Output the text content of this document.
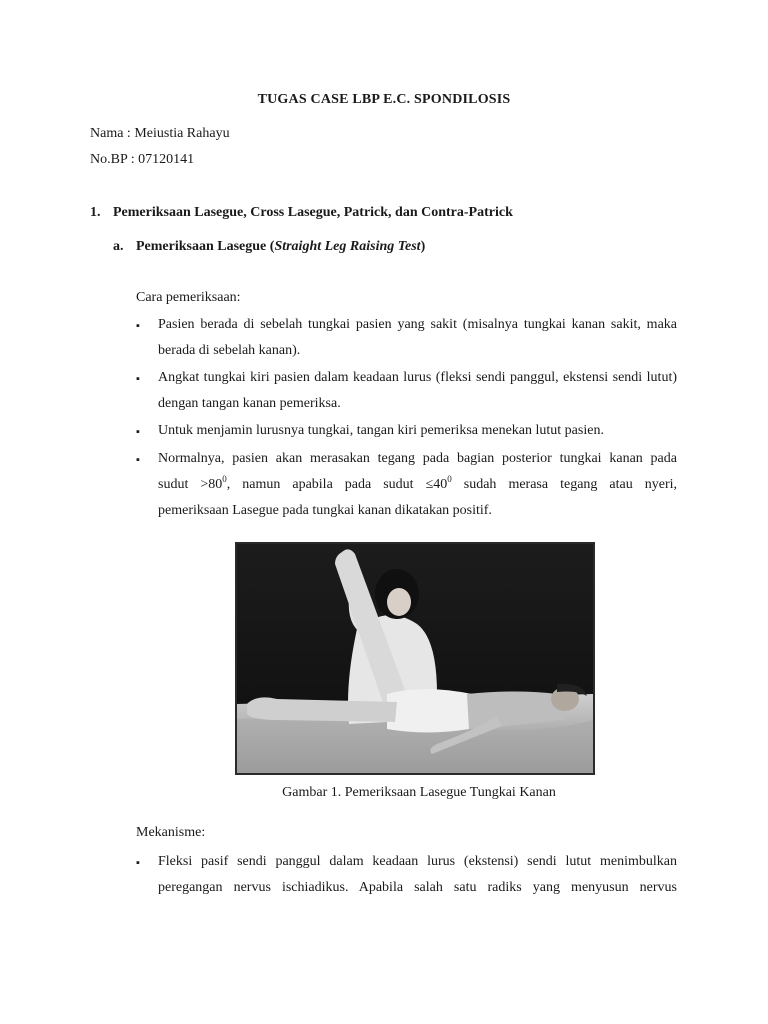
TUGAS CASE LBP E.C. SPONDILOSIS
Nama : Meiustia Rahayu
No.BP : 07120141
1. Pemeriksaan Lasegue, Cross Lasegue, Patrick, dan Contra-Patrick
a. Pemeriksaan Lasegue (Straight Leg Raising Test)
Cara pemeriksaan:
▪ Pasien berada di sebelah tungkai pasien yang sakit (misalnya tungkai kanan sakit, maka berada di sebelah kanan).
▪ Angkat tungkai kiri pasien dalam keadaan lurus (fleksi sendi panggul, ekstensi sendi lutut) dengan tangan kanan pemeriksa.
▪ Untuk menjamin lurusnya tungkai, tangan kiri pemeriksa menekan lutut pasien.
▪ Normalnya, pasien akan merasakan tegang pada bagian posterior tungkai kanan pada
sudut $>80^0$, namun apabila pada sudut $\le 40^0$ sudah merasa tegang atau nyeri,
pemeriksaan Lasegue pada tungkai kanan dikatakan positif.
Gambar 1. Pemeriksaan Lasegue Tungkai Kanan
Mekanisme:
▪ Fleksi pasif sendi panggul dalam keadaan lurus (ekstensi) sendi lutut menimbulkan
peregangan nervus ischiadikus. Apabila salah satu radiks yang menyusun nervus
